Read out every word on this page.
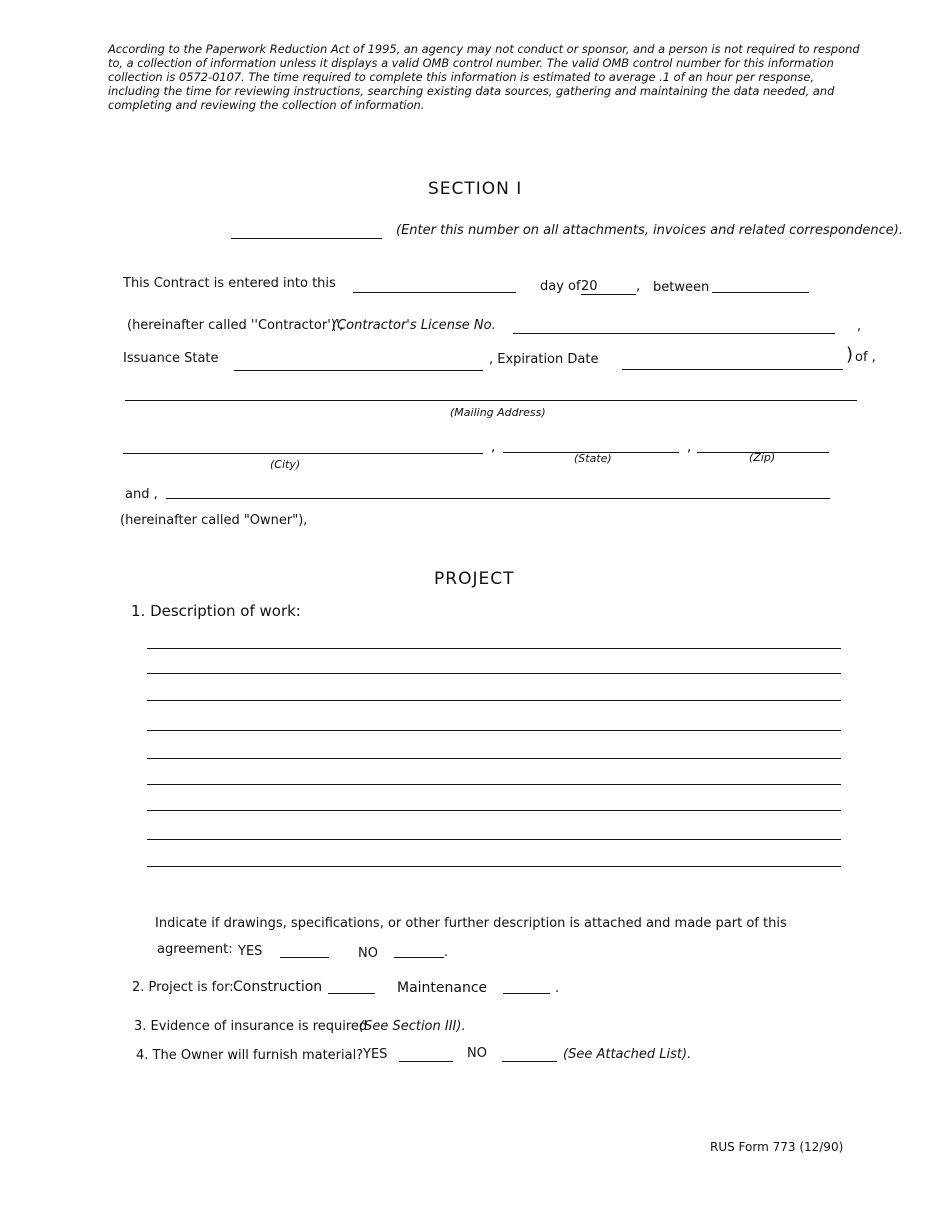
According to the Paperwork Reduction Act of 1995, an agency may not conduct or sponsor, and a person is not required to respond to, a collection of information unless it displays a valid OMB control number. The valid OMB control number for this information collection is 0572-0107. The time required to complete this information is estimated to average .1 of an hour per response, including the time for reviewing instructions, searching existing data sources, gathering and maintaining the data needed, and completing and reviewing the collection of information.
SECTION I
(Enter this number on all attachments, invoices and related correspondence).
This Contract is entered into this	day of 20	, between
(hereinafter called ''Contractor')',
(Contractor's License No.	,
Issuance State	, Expiration Date	) of ,
(Mailing Address)
(City)
,
(State)
,
(Zip)
and ,
(hereinafter called "Owner"),
PROJECT
1. Description of work:
Indicate if drawings, specifications, or other further description is attached and made part of this
agreement: YES	NO	.
2. Project is for: Construction	Maintenance	.
3. Evidence of insurance is required
(See Section III).
4. The Owner will furnish material? YES	NO	(See Attached List).
RUS Form 773 (12/90)
